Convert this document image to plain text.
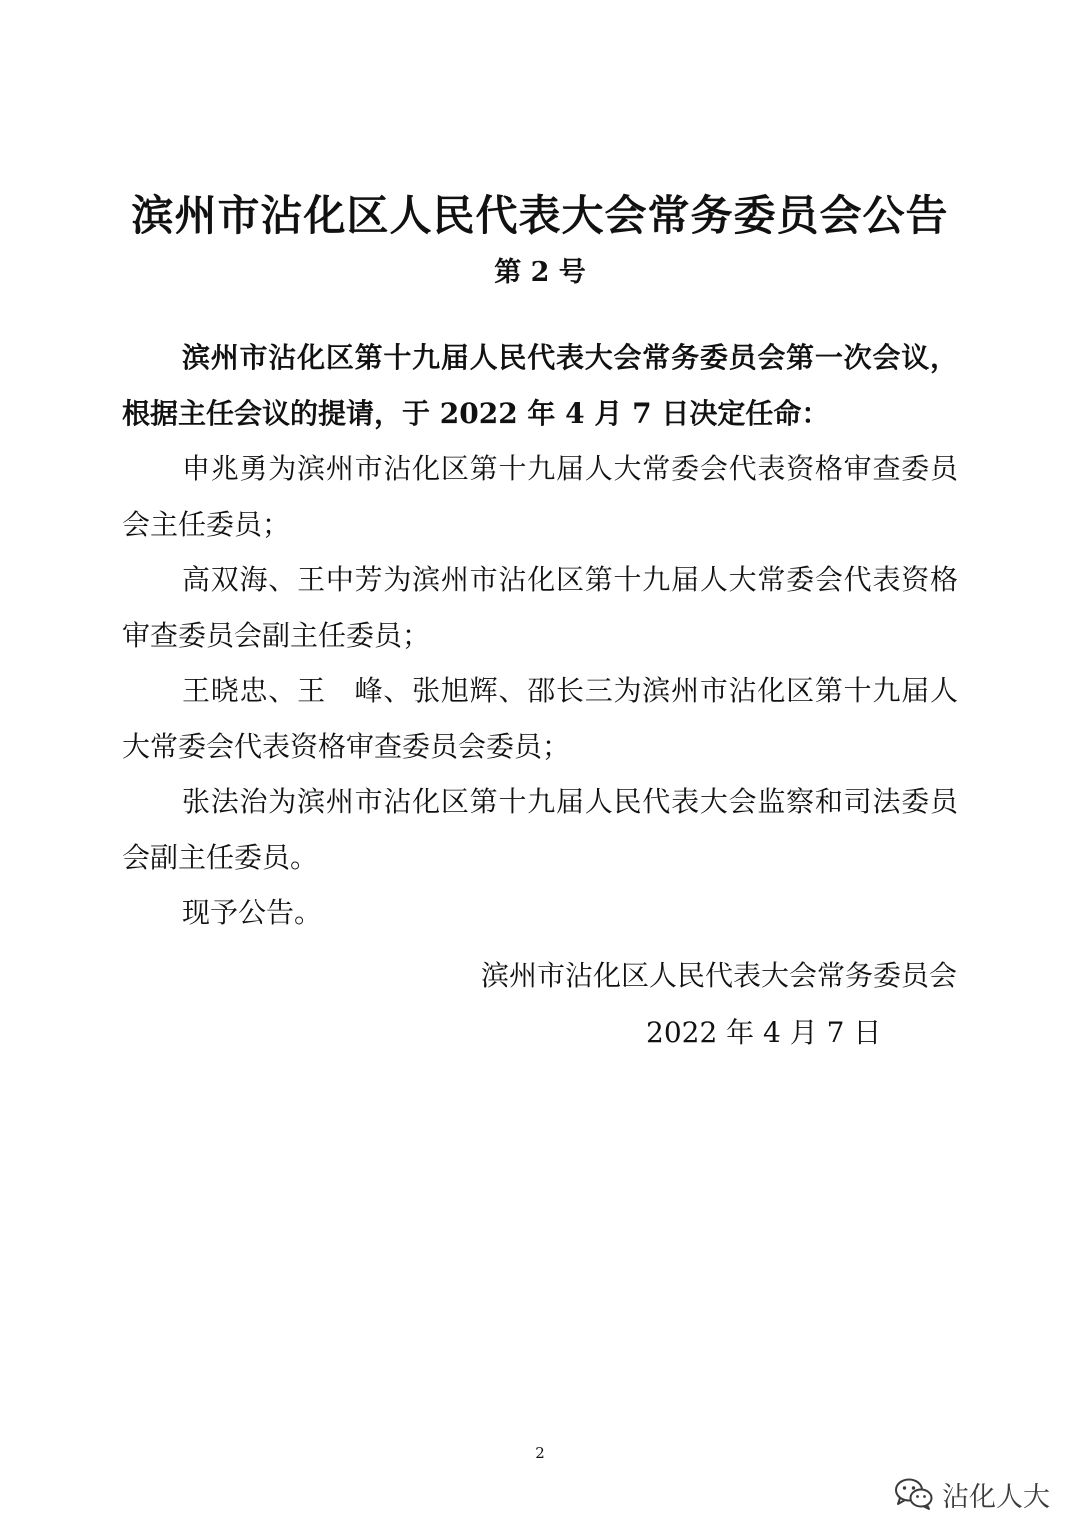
滨州市沾化区人民代表大会常务委员会公告
第 2 号

滨州市沾化区第十九届人民代表大会常务委员会第一次会议，根据主任会议的提请，于 2022 年 4 月 7 日决定任命：

申兆勇为滨州市沾化区第十九届人大常委会代表资格审查委员会主任委员；

高双海、王中芳为滨州市沾化区第十九届人大常委会代表资格审查委员会副主任委员；

王晓忠、王　峰、张旭辉、邵长三为滨州市沾化区第十九届人大常委会代表资格审查委员会委员；

张法治为滨州市沾化区第十九届人民代表大会监察和司法委员会副主任委员。

现予公告。

滨州市沾化区人民代表大会常务委员会
2022 年 4 月 7 日
2
沾化人大
